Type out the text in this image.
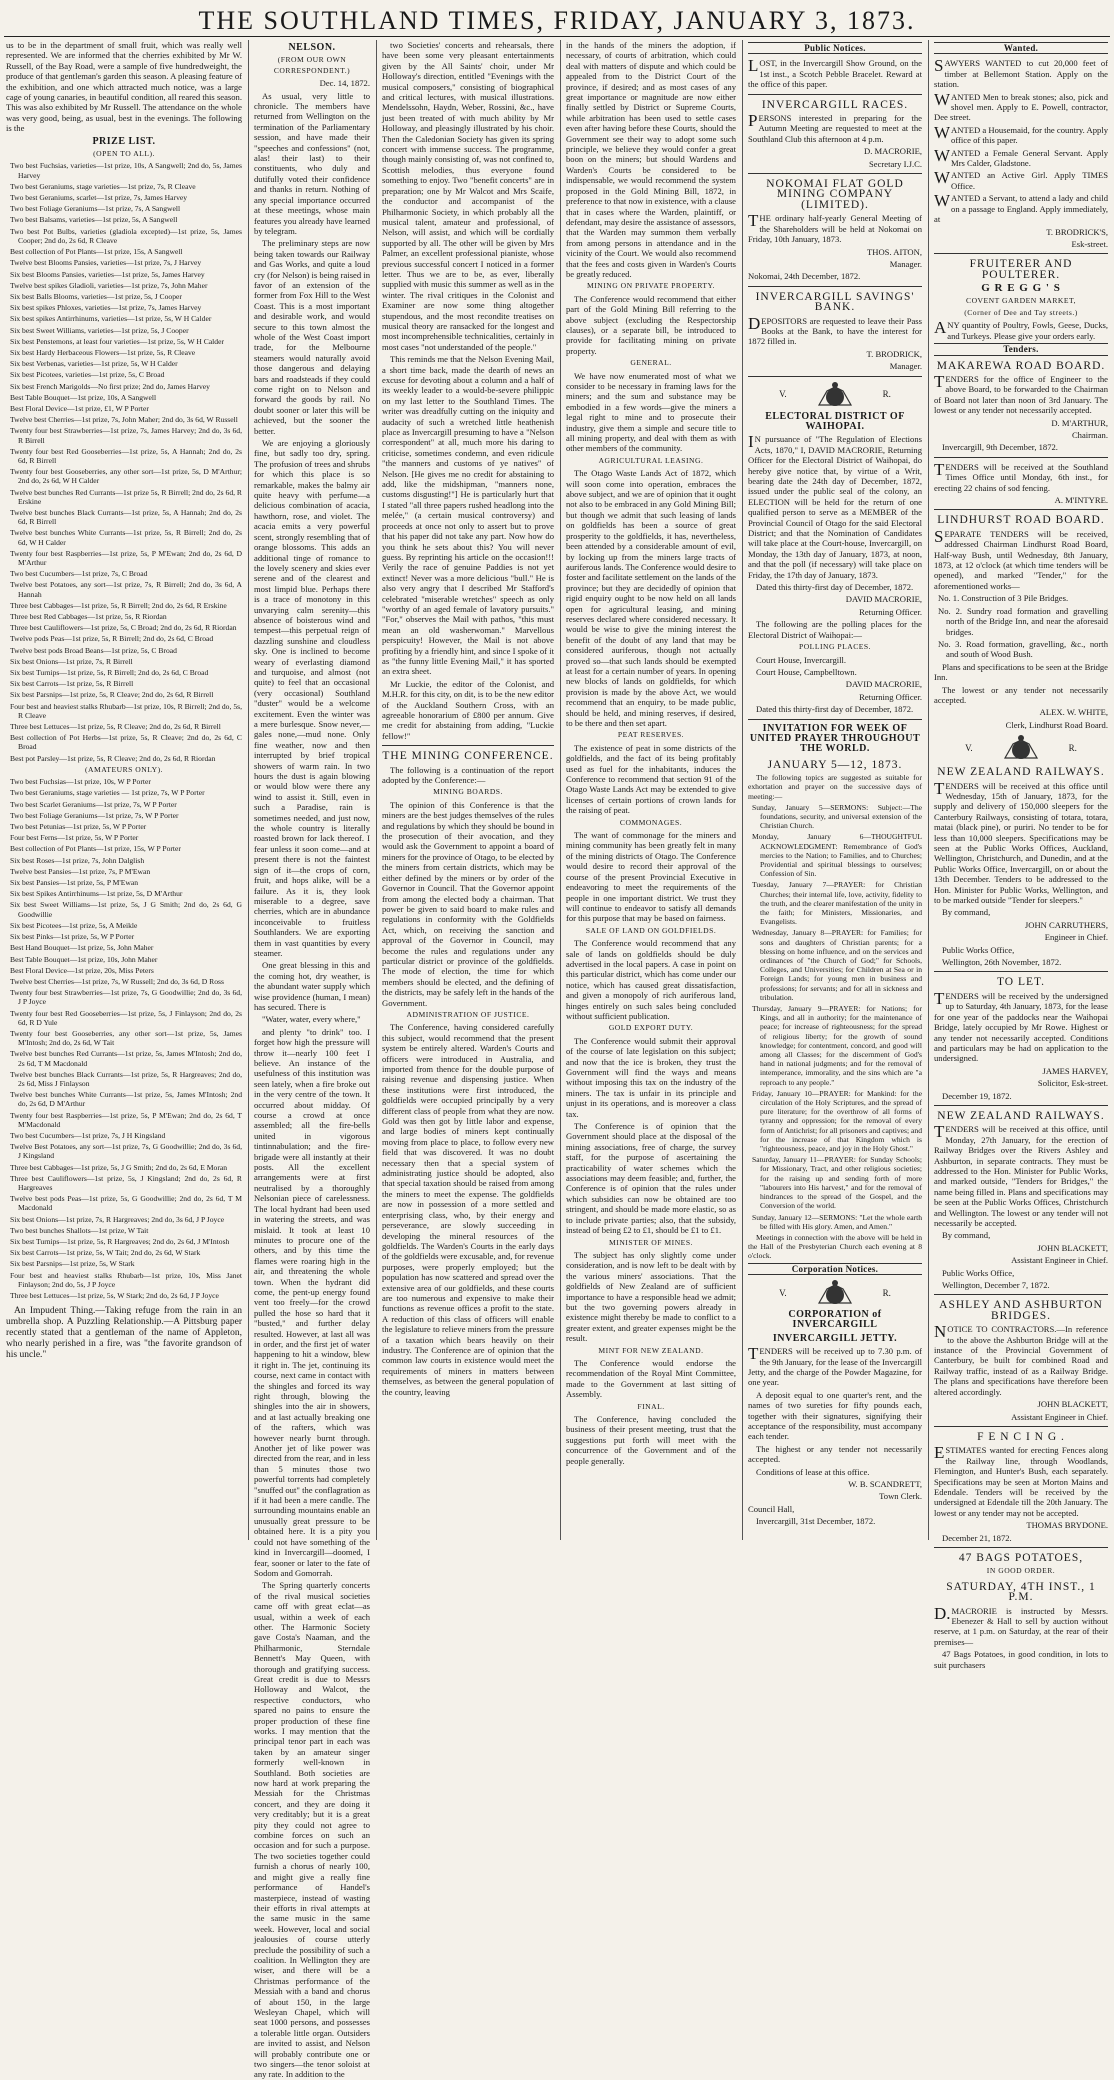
THE SOUTHLAND TIMES, FRIDAY, JANUARY 3, 1873.

us to be in the department of small fruit, which was really well represented. We are informed that the cherries exhibited by Mr W. Russell, of the Bay Road, were a sample of five hundredweight, the produce of that gentleman's garden this season. A pleasing feature of the exhibition, and one which attracted much notice, was a large cage of young canaries, in beautiful condition, all reared this season. This was also exhibited by Mr Russell. The attendance on the whole was very good, being, as usual, best in the evenings. The following is the

PRIZE LIST.
(OPEN TO ALL).

Two best Fuchsias, varieties—1st prize, 10s, A Sangwell; 2nd do, 5s, James Harvey

Two best Geraniums, stage varieties—1st prize, 7s, R Cleave

Two best Geraniums, scarlet—1st prize, 7s, James Harvey

Two best Foliage Geraniums—1st prize, 7s, A Sangwell

Two best Balsams, varieties—1st prize, 5s, A Sangwell

Two best Pot Bulbs, varieties (gladiola excepted)—1st prize, 5s, James Cooper; 2nd do, 2s 6d, R Cleave

Best collection of Pot Plants—1st prize, 15s, A Sangwell

Twelve best Blooms Pansies, varieties—1st prize, 7s, J Harvey

Six best Blooms Pansies, varieties—1st prize, 5s, James Harvey

Twelve best spikes Gladioli, varieties—1st prize, 7s, John Maher

Six best Balls Blooms, varieties—1st prize, 5s, J Cooper

Six best spikes Phloxes, varieties—1st prize, 7s, James Harvey

Six best spikes Antirrhinums, varieties—1st prize, 5s, W H Calder

Six best Sweet Williams, varieties—1st prize, 5s, J Cooper

Six best Penstemons, at least four varieties—1st prize, 5s, W H Calder

Six best Hardy Herbaceous Flowers—1st prize, 5s, R Cleave

Six best Verbenas, varieties—1st prize, 5s, W H Calder

Six best Picotees, varieties—1st prize, 5s, C Broad

Six best French Marigolds—No first prize; 2nd do, James Harvey

Best Table Bouquet—1st prize, 10s, A Sangwell

Best Floral Device—1st prize, £1, W P Porter

Twelve best Cherries—1st prize, 7s, John Maher; 2nd do, 3s 6d, W Russell

Twenty four best Strawberries—1st prize, 7s, James Harvey; 2nd do, 3s 6d, R Birrell

Twenty four best Red Gooseberries—1st prize, 5s, A Hannah; 2nd do, 2s 6d, R Birrell

Twenty four best Gooseberries, any other sort—1st prize, 5s, D M'Arthur; 2nd do, 2s 6d, W H Calder

Twelve best bunches Red Currants—1st prize 5s, R Birrell; 2nd do, 2s 6d, R Erskine

Twelve best bunches Black Currants—1st prize, 5s, A Hannah; 2nd do, 2s 6d, R Birrell

Twelve best bunches White Currants—1st prize, 5s, R Birrell; 2nd do, 2s 6d, W H Calder

Twenty four best Raspberries—1st prize, 5s, P M'Ewan; 2nd do, 2s 6d, D M'Arthur

Two best Cucumbers—1st prize, 7s, C Broad

Twelve best Potatoes, any sort—1st prize, 7s, R Birrell; 2nd do, 3s 6d, A Hannah

Three best Cabbages—1st prize, 5s, R Birrell; 2nd do, 2s 6d, R Erskine

Three best Red Cabbages—1st prize, 5s, R Riordan

Three best Cauliflowers—1st prize, 5s, C Broad; 2nd do, 2s 6d, R Riordan

Twelve pods Peas—1st prize, 5s, R Birrell; 2nd do, 2s 6d, C Broad

Twelve best pods Broad Beans—1st prize, 5s, C Broad

Six best Onions—1st prize, 7s, R Birrell

Six best Turnips—1st prize, 5s, R Birrell; 2nd do, 2s 6d, C Broad

Six best Carrots—1st prize, 5s, R Birrell

Six best Parsnips—1st prize, 5s, R Cleave; 2nd do, 2s 6d, R Birrell

Four best and heaviest stalks Rhubarb—1st prize, 10s, R Birrell; 2nd do, 5s, R Cleave

Three best Lettuces—1st prize, 5s, R Cleave; 2nd do, 2s 6d, R Birrell

Best collection of Pot Herbs—1st prize, 5s, R Cleave; 2nd do, 2s 6d, C Broad

Best pot Parsley—1st prize, 5s, R Cleave; 2nd do, 2s 6d, R Riordan

(AMATEURS ONLY).

Two best Fuchsias—1st prize, 10s, W P Porter

Two best Geraniums, stage varieties — 1st prize, 7s, W P Porter

Two best Scarlet Geraniums—1st prize, 7s, W P Porter

Two best Foliage Geraniums—1st prize, 7s, W P Porter

Two best Petunias—1st prize, 5s, W P Porter

Four best Ferns—1st prize, 5s, W P Porter

Best collection of Pot Plants—1st prize, 15s, W P Porter

Six best Roses—1st prize, 7s, John Dalglish

Twelve best Pansies—1st prize, 7s, P M'Ewan

Six best Pansies—1st prize, 5s, P M'Ewan

Six best Spikes Antirrhinums—1st prize, 5s, D M'Arthur

Six best Sweet Williams—1st prize, 5s, J G Smith; 2nd do, 2s 6d, G Goodwillie

Six best Picotees—1st prize, 5s, A Meikle

Six best Pinks—1st prize, 5s, W P Porter

Best Hand Bouquet—1st prize, 5s, John Maher

Best Table Bouquet—1st prize, 10s, John Maher

Best Floral Device—1st prize, 20s, Miss Peters

Twelve best Cherries—1st prize, 7s, W Russell; 2nd do, 3s 6d, D Ross

Twenty four best Strawberries—1st prize, 7s, G Goodwillie; 2nd do, 3s 6d, J P Joyce

Twenty four best Red Gooseberries—1st prize, 5s, J Finlayson; 2nd do, 2s 6d, R D Yule

Twenty four best Gooseberries, any other sort—1st prize, 5s, James M'Intosh; 2nd do, 2s 6d, W Tait

Twelve best bunches Red Currants—1st prize, 5s, James M'Intosh; 2nd do, 2s 6d, T M Macdonald

Twelve best bunches Black Currants—1st prize, 5s, R Hargreaves; 2nd do, 2s 6d, Miss J Finlayson

Twelve best bunches White Currants—1st prize, 5s, James M'Intosh; 2nd do, 2s 6d, D M'Arthur

Twenty four best Raspberries—1st prize, 5s, P M'Ewan; 2nd do, 2s 6d, T M'Macdonald

Two best Cucumbers—1st prize, 7s, J H Kingsland

Twelve Best Potatoes, any sort—1st prize, 7s, G Goodwillie; 2nd do, 3s 6d, J Kingsland

Three best Cabbages—1st prize, 5s, J G Smith; 2nd do, 2s 6d, E Moran

Three best Cauliflowers—1st prize, 5s, J Kingsland; 2nd do, 2s 6d, R Hargreaves

Twelve best pods Peas—1st prize, 5s, G Goodwillie; 2nd do, 2s 6d, T M Macdonald

Six best Onions—1st prize, 7s, R Hargreaves; 2nd do, 3s 6d, J P Joyce

Two best bunches Shallots—1st prize, W Tait

Six best Turnips—1st prize, 5s, R Hargreaves; 2nd do, 2s 6d, J M'Intosh

Six best Carrots—1st prize, 5s, W Tait; 2nd do, 2s 6d, W Stark

Six best Parsnips—1st prize, 5s, W Stark

Four best and heaviest stalks Rhubarb—1st prize, 10s, Miss Janet Finlayson; 2nd do, 5s, J P Joyce

Three best Lettuces—1st prize, 5s, W Stark; 2nd do, 2s 6d, J P Joyce

An Impudent Thing.—Taking refuge from the rain in an umbrella shop. A Puzzling Relationship.—A Pittsburg paper recently stated that a gentleman of the name of Appleton, who nearly perished in a fire, was "the favorite grandson of his uncle."

NELSON.
(FROM OUR OWN CORRESPONDENT.)

Dec. 14, 1872.

As usual, very little to chronicle. The members have returned from Wellington on the termination of the Parliamentary session, and have made their "speeches and confessions" (not, alas! their last) to their constituents, who duly and dutifully voted their confidence and thanks in return. Nothing of any special importance occurred at these meetings, whose main features you already have learned by telegram.

The preliminary steps are now being taken towards our Railway and Gas Works, and quite a loud cry (for Nelson) is being raised in favor of an extension of the former from Fox Hill to the West Coast. This is a most important and desirable work, and would secure to this town almost the whole of the West Coast import trade, for the Melbourne steamers would naturally avoid those dangerous and delaying bars and roadsteads if they could come right on to Nelson and forward the goods by rail. No doubt sooner or later this will be achieved, but the sooner the better.

We are enjoying a gloriously fine, but sadly too dry, spring. The profusion of trees and shrubs for which this place is so remarkable, makes the balmy air quite heavy with perfume—a delicious combination of acacia, hawthorn, rose, and violet. The acacia emits a very powerful scent, strongly resembling that of orange blossoms. This adds an additional tinge of romance to the lovely scenery and skies ever serene and of the clearest and most limpid blue. Perhaps there is a trace of monotony in this unvarying calm serenity—this absence of boisterous wind and tempest—this perpetual reign of dazzling sunshine and cloudless sky. One is inclined to become weary of everlasting diamond and turquoise, and almost (not quite) to feel that an occasional (very occasional) Southland "duster" would be a welcome excitement. Even the winter was a mere burlesque. Snow never,—gales none,—mud none. Only fine weather, now and then interrupted by brief tropical showers of warm rain. In two hours the dust is again blowing or would blow were there any wind to assist it. Still, even in such a Paradise, rain is sometimes needed, and just now, the whole country is literally roasted brown for lack thereof. I fear unless it soon come—and at present there is not the faintest sign of it—the crops of corn, fruit, and hops alike, will be a failure. As it is, they look miserable to a degree, save cherries, which are in abundance inconceivable to fruitless Southlanders. We are exporting them in vast quantities by every steamer.

One great blessing in this and the coming hot, dry weather, is the abundant water supply which wise providence (human, I mean) has secured. There is

"Water, water, every where,"

and plenty "to drink" too. I forget how high the pressure will throw it—nearly 100 feet I believe. An instance of the usefulness of this institution was seen lately, when a fire broke out in the very centre of the town. It occurred about midday. Of course a crowd at once assembled; all the fire-bells united in vigorous tintinnabulation; and the fire-brigade were all instantly at their posts. All the excellent arrangements were at first neutralised by a thoroughly Nelsonian piece of carelessness. The local hydrant had been used in watering the streets, and was mislaid. It took at least 10 minutes to procure one of the others, and by this time the flames were roaring high in the air, and threatening the whole town. When the hydrant did come, the pent-up energy found vent too freely—for the crowd pulled the hose so hard that it "busted," and further delay resulted. However, at last all was in order, and the first jet of water happening to hit a window, blew it right in. The jet, continuing its course, next came in contact with the shingles and forced its way right through, blowing the shingles into the air in showers, and at last actually breaking one of the rafters, which was however nearly burnt through. Another jet of like power was directed from the rear, and in less than 5 minutes those two powerful torrents had completely "snuffed out" the conflagration as if it had been a mere candle. The surrounding mountains enable an unusually great pressure to be obtained here. It is a pity you could not have something of the kind in Invercargill—doomed, I fear, sooner or later to the fate of Sodom and Gomorrah.

The Spring quarterly concerts of the rival musical societies came off with great eclat—as usual, within a week of each other. The Harmonic Society gave Costa's Naaman, and the Philharmonic, Sterndale Bennett's May Queen, with thorough and gratifying success. Great credit is due to Messrs Holloway and Walcot, the respective conductors, who spared no pains to ensure the proper production of these fine works. I may mention that the principal tenor part in each was taken by an amateur singer formerly well-known in Southland. Both societies are now hard at work preparing the Messiah for the Christmas concert, and they are doing it very creditably; but it is a great pity they could not agree to combine forces on such an occasion and for such a purpose. The two societies together could furnish a chorus of nearly 100, and might give a really fine performance of Handel's masterpiece, instead of wasting their efforts in rival attempts at the same music in the same week. However, local and social jealousies of course utterly preclude the possibility of such a coalition. In Wellington they are wiser, and there will be a Christmas performance of the Messiah with a band and chorus of about 150, in the large Wesleyan Chapel, which will seat 1000 persons, and possesses a tolerable little organ. Outsiders are invited to assist, and Nelson will probably contribute one or two singers—the tenor soloist at any rate. In addition to the

two Societies' concerts and rehearsals, there have been some very pleasant entertainments given by the All Saints' choir, under Mr Holloway's direction, entitled "Evenings with the musical composers," consisting of biographical and critical lectures, with musical illustrations. Mendelssohn, Haydn, Weber, Rossini, &c., have just been treated of with much ability by Mr Holloway, and pleasingly illustrated by his choir. Then the Caledonian Society has given its spring concert with immense success. The programme, though mainly consisting of, was not confined to, Scottish melodies, thus everyone found something to enjoy. Two "benefit concerts" are in preparation; one by Mr Walcot and Mrs Scaife, the conductor and accompanist of the Philharmonic Society, in which probably all the musical talent, amateur and professional, of Nelson, will assist, and which will be cordially supported by all. The other will be given by Mrs Palmer, an excellent professional pianiste, whose previous successful concert I noticed in a former letter. Thus we are to be, as ever, liberally supplied with music this summer as well as in the winter. The rival critiques in the Colonist and Examiner are now some thing altogether stupendous, and the most recondite treatises on musical theory are ransacked for the longest and most incomprehensible technicalities, certainly in most cases "not understanded of the people."

This reminds me that the Nelson Evening Mail, a short time back, made the dearth of news an excuse for devoting about a column and a half of its weekly leader to a would-be-severe philippic on my last letter to the Southland Times. The writer was dreadfully cutting on the iniquity and audacity of such a wretched little heathenish place as Invercargill presuming to have a "Nelson correspondent" at all, much more his daring to criticise, sometimes condemn, and even ridicule "the manners and customs of ye natives" of Nelson. [He gives me no credit for abstaining to add, like the midshipman, "manners none, customs disgusting!"] He is particularly hurt that I stated "all three papers rushed headlong into the melée," (a certain musical controversy) and proceeds at once not only to assert but to prove that his paper did not take any part. Now how do you think he sets about this? You will never guess. By reprinting his article on the occasion!!! Verily the race of genuine Paddies is not yet extinct! Never was a more delicious "bull." He is also very angry that I described Mr Stafford's celebrated "miserable wretches" speech as only "worthy of an aged female of lavatory pursuits." "For," observes the Mail with pathos, "this must mean an old washerwoman." Marvellous perspicuity! However, the Mail is not above profiting by a friendly hint, and since I spoke of it as "the funny little Evening Mail," it has sported an extra sheet.

Mr Luckie, the editor of the Colonist, and M.H.R. for this city, on dit, is to be the new editor of the Auckland Southern Cross, with an agreeable honorarium of £800 per annum. Give me credit for abstaining from adding, "Luckie fellow!"

THE MINING CONFERENCE.

The following is a continuation of the report adopted by the Conference:—

MINING BOARDS.

The opinion of this Conference is that the miners are the best judges themselves of the rules and regulations by which they should be bound in the prosecution of their avocation, and they would ask the Government to appoint a board of miners for the province of Otago, to be elected by the miners from certain districts, which may be either defined by the miners or by order of the Governor in Council. That the Governor appoint from among the elected body a chairman. That power be given to said board to make rules and regulations in conformity with the Goldfields Act, which, on receiving the sanction and approval of the Governor in Council, may become the rules and regulations under any particular district or province of the goldfields. The mode of election, the time for which members should be elected, and the defining of the districts, may be safely left in the hands of the Government.

ADMINISTRATION OF JUSTICE.

The Conference, having considered carefully this subject, would recommend that the present system be entirely altered. Warden's Courts and officers were introduced in Australia, and imported from thence for the double purpose of raising revenue and dispensing justice. When these institutions were first introduced, the goldfields were occupied principally by a very different class of people from what they are now. Gold was then got by little labor and expense, and large bodies of miners kept continually moving from place to place, to follow every new field that was discovered. It was no doubt necessary then that a special system of administrating justice should be adopted, also that special taxation should be raised from among the miners to meet the expense. The goldfields are now in possession of a more settled and enterprising class, who, by their energy and perseverance, are slowly succeeding in developing the mineral resources of the goldfields. The Warden's Courts in the early days of the goldfields were excusable, and, for revenue purposes, were properly employed; but the population has now scattered and spread over the extensive area of our goldfields, and these courts are too numerous and expensive to make their functions as revenue offices a profit to the state. A reduction of this class of officers will enable the legislature to relieve miners from the pressure of a taxation which bears heavily on their industry. The Conference are of opinion that the common law courts in existence would meet the requirements of miners in matters between themselves, as between the general population of the country, leaving

in the hands of the miners the adoption, if necessary, of courts of arbitration, which could deal with matters of dispute and which could be appealed from to the District Court of the province, if desired; and as most cases of any great importance or magnitude are now either finally settled by District or Supreme Courts, while arbitration has been used to settle cases even after having before these Courts, should the Government see their way to adopt some such principle, we believe they would confer a great boon on the miners; but should Wardens and Warden's Courts be considered to be indispensable, we would recommend the system proposed in the Gold Mining Bill, 1872, in preference to that now in existence, with a clause that in cases where the Warden, plaintiff, or defendant, may desire the assistance of assessors, that the Warden may summon them verbally from among persons in attendance and in the vicinity of the Court. We would also recommend that the fees and costs given in Warden's Courts be greatly reduced.

MINING ON PRIVATE PROPERTY.

The Conference would recommend that either part of the Gold Mining Bill referring to the above subject (excluding the Respectorship clauses), or a separate bill, be introduced to provide for facilitating mining on private property.

GENERAL.

We have now enumerated most of what we consider to be necessary in framing laws for the miners; and the sum and substance may be embodied in a few words—give the miners a legal right to mine and to prosecute their industry, give them a simple and secure title to all mining property, and deal with them as with other members of the community.

AGRICULTURAL LEASING.

The Otago Waste Lands Act of 1872, which will soon come into operation, embraces the above subject, and we are of opinion that it ought not also to be embraced in any Gold Mining Bill; but though we admit that such leasing of lands on goldfields has been a source of great prosperity to the goldfields, it has, nevertheless, been attended by a considerable amount of evil, by locking up from the miners large tracts of auriferous lands. The Conference would desire to foster and facilitate settlement on the lands of the province; but they are decidedly of opinion that rigid enquiry ought to be now held on all lands open for agricultural leasing, and mining reserves declared where considered necessary. It would be wise to give the mining interest the benefit of the doubt of any land that may be considered auriferous, though not actually proved so—that such lands should be exempted at least for a certain number of years. In opening new blocks of lands on goldfields, for which provision is made by the above Act, we would recommend that an enquiry, to be made public, should be held, and mining reserves, if desired, to be there and then set apart.

PEAT RESERVES.

The existence of peat in some districts of the goldfields, and the fact of its being profitably used as fuel for the inhabitants, induces the Conference to recommend that section 91 of the Otago Waste Lands Act may be extended to give licenses of certain portions of crown lands for the raising of peat.

COMMONAGES.

The want of commonage for the miners and mining community has been greatly felt in many of the mining districts of Otago. The Conference would desire to record their approval of the course of the present Provincial Executive in endeavoring to meet the requirements of the people in one important district. We trust they will continue to endeavor to satisfy all demands for this purpose that may be based on fairness.

SALE OF LAND ON GOLDFIELDS.

The Conference would recommend that any sale of lands on goldfields should be duly advertised in the local papers. A case in point on this particular district, which has come under our notice, which has caused great dissatisfaction, and given a monopoly of rich auriferous land, hinges entirely on such sales being concluded without sufficient publication.

GOLD EXPORT DUTY.

The Conference would submit their approval of the course of late legislation on this subject; and now that the ice is broken, they trust the Government will find the ways and means without imposing this tax on the industry of the miners. The tax is unfair in its principle and unjust in its operations, and is moreover a class tax.

The Conference is of opinion that the Government should place at the disposal of the mining associations, free of charge, the survey staff, for the purpose of ascertaining the practicability of water schemes which the associations may deem feasible; and, further, the Conference is of opinion that the rules under which subsidies can now be obtained are too stringent, and should be made more elastic, so as to include private parties; also, that the subsidy, instead of being £2 to £1, should be £1 to £1.

MINISTER OF MINES.

The subject has only slightly come under consideration, and is now left to be dealt with by the various miners' associations. That the goldfields of New Zealand are of sufficient importance to have a responsible head we admit; but the two governing powers already in existence might thereby be made to conflict to a greater extent, and greater expenses might be the result.

MINT FOR NEW ZEALAND.

The Conference would endorse the recommendation of the Royal Mint Committee, made to the Government at last sitting of Assembly.

FINAL.

The Conference, having concluded the business of their present meeting, trust that the suggestions put forth will meet with the concurrence of the Government and of the people generally.

Public Notices.

LOST, in the Invercargill Show Ground, on the 1st inst., a Scotch Pebble Bracelet. Reward at the office of this paper.

INVERCARGILL RACES.

PERSONS interested in preparing for the Autumn Meeting are requested to meet at the Southland Club this afternoon at 4 p.m.

D. MACRORIE,

Secretary I.J.C.

NOKOMAI FLAT GOLD MINING COMPANY (LIMITED).

THE ordinary half-yearly General Meeting of the Shareholders will be held at Nokomai on Friday, 10th January, 1873.

THOS. AITON,

Manager.

Nokomai, 24th December, 1872.

INVERCARGILL SAVINGS' BANK.

DEPOSITORS are requested to leave their Pass Books at the Bank, to have the interest for 1872 filled in.

T. BRODRICK,

Manager.

V.	R.
ELECTORAL DISTRICT OF WAIHOPAI.

IN pursuance of "The Regulation of Elections Acts, 1870," I, DAVID MACRORIE, Returning Officer for the Electoral District of Waihopai, do hereby give notice that, by virtue of a Writ, bearing date the 24th day of December, 1872, issued under the public seal of the colony, an ELECTION will be held for the return of one qualified person to serve as a MEMBER of the Provincial Council of Otago for the said Electoral District; and that the Nomination of Candidates will take place at the Court-house, Invercargill, on Monday, the 13th day of January, 1873, at noon, and that the poll (if necessary) will take place on Friday, the 17th day of January, 1873.

Dated this thirty-first day of December, 1872.

DAVID MACRORIE,

Returning Officer.

The following are the polling places for the Electoral District of Waihopai:—

POLLING PLACES.

Court House, Invercargill.

Court House, Campbelltown.

DAVID MACRORIE,

Returning Officer.

Dated this thirty-first day of December, 1872.

INVITATION FOR WEEK OF UNITED PRAYER THROUGHOUT THE WORLD.
JANUARY 5—12, 1873.

The following topics are suggested as suitable for exhortation and prayer on the successive days of meeting:—

Sunday, January 5—SERMONS: Subject:—The foundations, security, and universal extension of the Christian Church.

Monday, January 6—THOUGHTFUL ACKNOWLEDGMENT: Remembrance of God's mercies to the Nation; to Families, and to Churches; Providential and spiritual blessings to ourselves; Confession of Sin.

Tuesday, January 7—PRAYER: for Christian Churches; their internal life, love, activity, fidelity to the truth, and the clearer manifestation of the unity in the faith; for Ministers, Missionaries, and Evangelists.

Wednesday, January 8—PRAYER: for Families; for sons and daughters of Christian parents; for a blessing on home influence, and on the services and ordinances of "the Church of God;" for Schools, Colleges, and Universities; for Children at Sea or in Foreign Lands; for young men in business and professions; for servants; and for all in sickness and tribulation.

Thursday, January 9—PRAYER: for Nations; for Kings, and all in authority; for the maintenance of peace; for increase of righteousness; for the spread of religious liberty; for the growth of sound knowledge; for contentment, concord, and good will among all Classes; for the discernment of God's hand in national judgments; and for the removal of intemperance, immorality, and the sins which are "a reproach to any people."

Friday, January 10—PRAYER: for Mankind: for the circulation of the Holy Scriptures, and the spread of pure literature; for the overthrow of all forms of tyranny and oppression; for the removal of every form of Antichrist; for all prisoners and captives; and for the increase of that Kingdom which is "righteousness, peace, and joy in the Holy Ghost."

Saturday, January 11—PRAYER: for Sunday Schools; for Missionary, Tract, and other religious societies; for the raising up and sending forth of more "labourers into His harvest," and for the removal of hindrances to the spread of the Gospel, and the Conversion of the world.

Sunday, January 12—SERMONS: "Let the whole earth be filled with His glory. Amen, and Amen."

Meetings in connection with the above will be held in the Hall of the Presbyterian Church each evening at 8 o'clock.

Corporation Notices.
V.	R.
CORPORATION of INVERCARGILL
INVERCARGILL JETTY.

TENDERS will be received up to 7.30 p.m. of the 9th January, for the lease of the Invercargill Jetty, and the charge of the Powder Magazine, for one year.

A deposit equal to one quarter's rent, and the names of two sureties for fifty pounds each, together with their signatures, signifying their acceptance of the responsibility, must accompany each tender.

The highest or any tender not necessarily accepted.

Conditions of lease at this office.

W. B. SCANDRETT,

Town Clerk.

Council Hall,

Invercargill, 31st December, 1872.

Wanted.

SAWYERS WANTED to cut 20,000 feet of timber at Bellemont Station. Apply on the station.

WANTED Men to break stones; also, pick and shovel men. Apply to E. Powell, contractor, Dee street.

WANTED a Housemaid, for the country. Apply office of this paper.

WANTED a Female General Servant. Apply Mrs Calder, Gladstone.

WANTED an Active Girl. Apply TIMES Office.

WANTED a Servant, to attend a lady and child on a passage to England. Apply immediately, at

T. BRODRICK'S,

Esk-street.

FRUITERER AND POULTERER.
G R E G G ' S
COVENT GARDEN MARKET,
(Corner of Dee and Tay streets.)

ANY quantity of Poultry, Fowls, Geese, Ducks, and Turkeys. Please give your orders early.

Tenders.
MAKAREWA ROAD BOARD.

TENDERS for the office of Engineer to the above Board, to be forwarded to the Chairman of Board not later than noon of 3rd January. The lowest or any tender not necessarily accepted.

D. M'ARTHUR,

Chairman.

Invercargill, 9th December, 1872.

TENDERS will be received at the Southland Times Office until Monday, 6th inst., for erecting 22 chains of sod fencing.

A. M'INTYRE.

LINDHURST ROAD BOARD.

SEPARATE TENDERS will be received, addressed Chairman Lindhurst Road Board, Half-way Bush, until Wednesday, 8th January, 1873, at 12 o'clock (at which time tenders will be opened), and marked "Tender," for the aforementioned works—

No. 1. Construction of 3 Pile Bridges.

No. 2. Sundry road formation and gravelling north of the Bridge Inn, and near the aforesaid bridges.

No. 3. Road formation, gravelling, &c., north and south of Wood Bush.

Plans and specifications to be seen at the Bridge Inn.

The lowest or any tender not necessarily accepted.

ALEX. W. WHITE,

Clerk, Lindhurst Road Board.

V.	R.
NEW ZEALAND RAILWAYS.

TENDERS will be received at this office until Wednesday, 15th of January, 1873, for the supply and delivery of 150,000 sleepers for the Canterbury Railways, consisting of totara, totara, matai (black pine), or puriri. No tender to be for less than 10,000 sleepers. Specifications may be seen at the Public Works Offices, Auckland, Wellington, Christchurch, and Dunedin, and at the Public Works Office, Invercargill, on or about the 13th December. Tenders to be addressed to the Hon. Minister for Public Works, Wellington, and to be marked outside "Tender for sleepers."

By command,

JOHN CARRUTHERS,

Engineer in Chief.

Public Works Office,

Wellington, 26th November, 1872.

TO LET.

TENDERS will be received by the undersigned up to Saturday, 4th January, 1873, for the lease for one year of the paddocks near the Waihopai Bridge, lately occupied by Mr Rowe. Highest or any tender not necessarily accepted. Conditions and particulars may be had on application to the undersigned.

JAMES HARVEY,

Solicitor, Esk-street.

December 19, 1872.

NEW ZEALAND RAILWAYS.

TENDERS will be received at this office, until Monday, 27th January, for the erection of Railway Bridges over the Rivers Ashley and Ashburton, in separate contracts. They must be addressed to the Hon. Minister for Public Works, and marked outside, "Tenders for Bridges," the name being filled in. Plans and specifications may be seen at the Public Works Offices, Christchurch and Wellington. The lowest or any tender will not necessarily be accepted.

By command,

JOHN BLACKETT,

Assistant Engineer in Chief.

Public Works Office,

Wellington, December 7, 1872.

ASHLEY AND ASHBURTON BRIDGES.

NOTICE TO CONTRACTORS.—In reference to the above the Ashburton Bridge will at the instance of the Provincial Government of Canterbury, be built for combined Road and Railway traffic, instead of as a Railway Bridge. The plans and specifications have therefore been altered accordingly.

JOHN BLACKETT,

Assistant Engineer in Chief.

F E N C I N G .

ESTIMATES wanted for erecting Fences along the Railway line, through Woodlands, Flemington, and Hunter's Bush, each separately. Specifications may be seen at Morton Mains and Edendale. Tenders will be received by the undersigned at Edendale till the 20th January. The lowest or any tender may not be accepted.

THOMAS BRYDONE.

December 21, 1872.

47 BAGS POTATOES,
IN GOOD ORDER.
SATURDAY, 4TH INST., 1 P.M.

D.MACRORIE is instructed by Messrs. Ebenezer & Hall to sell by auction without reserve, at 1 p.m. on Saturday, at the rear of their premises—

47 Bags Potatoes, in good condition, in lots to suit purchasers
